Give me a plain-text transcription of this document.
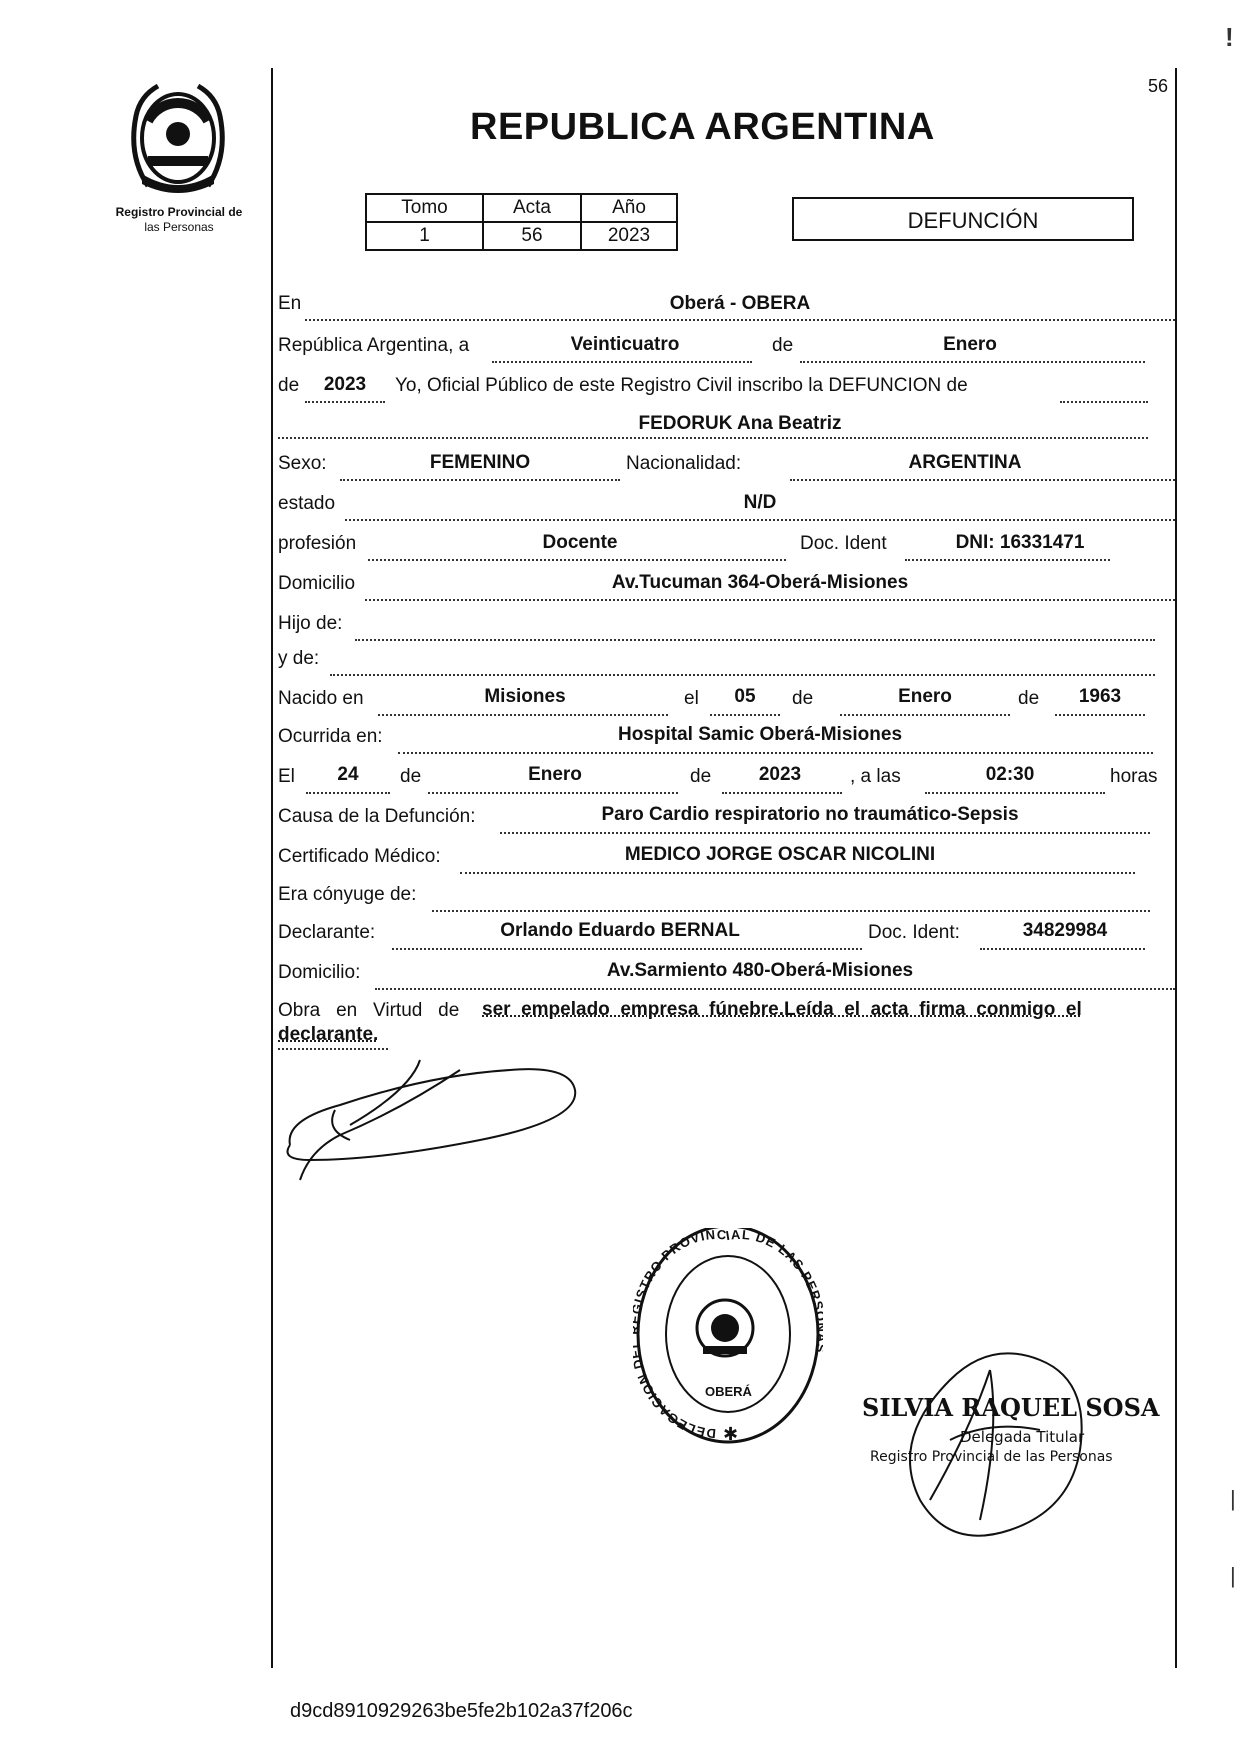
Registro Provincial de
las Personas
56
REPUBLICA ARGENTINA
Tomo	Acta	Año
1	56	2023
DEFUNCIÓN
En	Oberá - OBERA
República Argentina, a	Veinticuatro	de	Enero
de	2023	Yo, Oficial Público de este Registro Civil inscribo la DEFUNCION de
FEDORUK Ana Beatriz
Sexo:	FEMENINO	Nacionalidad:	ARGENTINA
estado	N/D
profesión	Docente	Doc. Ident	DNI: 16331471
Domicilio	Av.Tucuman 364-Oberá-Misiones
Hijo de:
y de:
Nacido en	Misiones	el	05	de	Enero	de	1963
Ocurrida en:	Hospital Samic Oberá-Misiones
El	24	de	Enero	de	2023	, a las	02:30	horas
Causa de la Defunción:	Paro Cardio respiratorio no traumático-Sepsis
Certificado Médico:	MEDICO JORGE OSCAR NICOLINI
Era cónyuge de:
Declarante:	Orlando Eduardo BERNAL	Doc. Ident:	34829984
Domicilio:	Av.Sarmiento 480-Oberá-Misiones
Obra   en   Virtud   de ser  empelado  empresa  fúnebre.Leída  el  acta  firma  conmigo  el
declarante.
DELEGACION STRO PROVINCIAL DE LAS PER
OBERÁ
✱
SILVIA RAQUEL SOSA
Delegada Titular
Registro Provincial de las Personas
!
|
|
d9cd8910929263be5fe2b102a37f206c
